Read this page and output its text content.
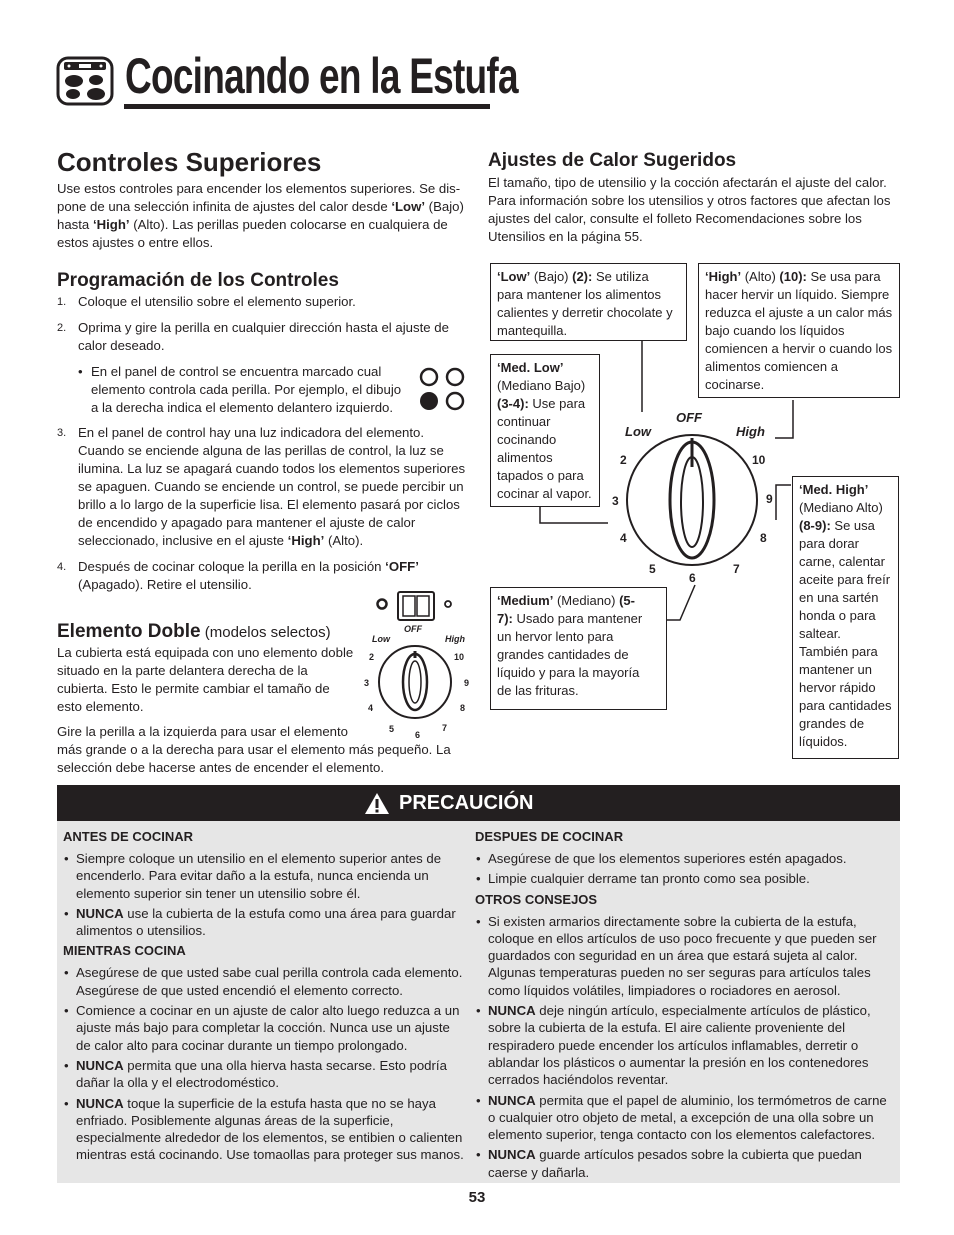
Cocinando en la Estufa
Controles Superiores
Use estos controles para encender los elementos superiores. Se dis-
pone de una selección infinita de ajustes del calor desde ‘Low’ (Bajo)
hasta ‘High’ (Alto). Las perillas pueden colocarse en cualquiera de
estos ajustes o entre ellos.
Programación de los Controles
1. Coloque el utensilio sobre el elemento superior.
2. Oprima y gire la perilla en cualquier dirección hasta el ajuste de
calor deseado.
• En el panel de control se encuentra marcado cual
elemento controla cada perilla. Por ejemplo, el dibujo
a la derecha indica el elemento delantero izquierdo.
3. En el panel de control hay una luz indicadora del elemento.
Cuando se enciende alguna de las perillas de control, la luz se
ilumina. La luz se apagará cuando todos los elementos superiores
se apaguen. Cuando se enciende un control, se puede percibir un
brillo a lo largo de la superficie lisa. El elemento pasará por ciclos
de encendido y apagado para mantener el ajuste de calor
seleccionado, inclusive en el ajuste ‘High’ (Alto).
4. Después de cocinar coloque la perilla en la posición ‘OFF’
(Apagado). Retire el utensilio.
Elemento Doble (modelos selectos)
La cubierta está equipada con uno elemento doble
situado en la parte delantera derecha de la
cubierta. Esto le permite cambiar el tamaño de
esto elemento.
Gire la perilla a la izquierda para usar el elemento
más grande o a la derecha para usar el elemento más pequeño. La
selección debe hacerse antes de encender el elemento.
OFF
Low	High
2
3
4
5
6
7
8
9
10
Ajustes de Calor Sugeridos
El tamaño, tipo de utensilio y la cocción afectarán el ajuste del calor.
Para información sobre los utensilios y otros factores que afectan los
ajustes del calor, consulte el folleto Recomendaciones sobre los
Utensilios en la página 55.
OFF
Low	High
2
3
4
5
6
7
8
9
10
‘Low’ (Bajo) (2): Se utiliza
para mantener los alimentos
calientes y derretir chocolate y
mantequilla.
‘Med. Low’
(Mediano Bajo)
(3-4): Use para
continuar
cocinando
alimentos
tapados o para
cocinar al vapor.
‘High’ (Alto) (10): Se usa para
hacer hervir un líquido. Siempre
reduzca el ajuste a un calor más
bajo cuando los líquidos
comiencen a hervir o cuando los
alimentos comiencen a
cocinarse.
‘Med. High’
(Mediano Alto)
(8-9): Se usa
para dorar
carne, calentar
aceite para freír
en una sartén
honda o para
saltear.
También para
mantener un
hervor rápido
para cantidades
grandes de
líquidos.
‘Medium’ (Mediano) (5-
7): Usado para mantener
un hervor lento para
grandes cantidades de
líquido y para la mayoría
de las frituras.
PRECAUCIÓN
ANTES DE COCINAR
• Siempre coloque un utensilio en el elemento superior antes de encenderlo. Para evitar daño a la estufa, nunca encienda un elemento superior sin tener un utensilio sobre él.
• NUNCA use la cubierta de la estufa como una área para guardar alimentos o utensilios.
MIENTRAS COCINA
• Asegúrese de que usted sabe cual perilla controla cada elemento. Asegúrese de que usted encendió el elemento correcto.
• Comience a cocinar en un ajuste de calor alto luego reduzca a un ajuste más bajo para completar la cocción. Nunca use un ajuste de calor alto para cocinar durante un tiempo prolongado.
• NUNCA permita que una olla hierva hasta secarse. Esto podría dañar la olla y el electrodoméstico.
• NUNCA toque la superficie de la estufa hasta que no se haya enfriado. Posiblemente algunas áreas de la superficie, especialmente alrededor de los elementos, se entibien o calienten mientras está cocinando. Use tomaollas para proteger sus manos.
DESPUES DE COCINAR
• Asegúrese de que los elementos superiores estén apagados.
• Limpie cualquier derrame tan pronto como sea posible.
OTROS CONSEJOS
• Si existen armarios directamente sobre la cubierta de la estufa, coloque en ellos artículos de uso poco frecuente y que pueden ser guardados con seguridad en un área que estará sujeta al calor. Algunas temperaturas pueden no ser seguras para artículos tales como líquidos volátiles, limpiadores o rociadores en aerosol.
• NUNCA deje ningún artículo, especialmente artículos de plástico, sobre la cubierta de la estufa. El aire caliente proveniente del respiradero puede encender los artículos inflamables, derretir o ablandar los plásticos o aumentar la presión en los contenedores cerrados haciéndolos reventar.
• NUNCA permita que el papel de aluminio, los termómetros de carne o cualquier otro objeto de metal, a excepción de una olla sobre un elemento superior, tenga contacto con los elementos calefactores.
• NUNCA guarde artículos pesados sobre la cubierta que puedan caerse y dañarla.
53
